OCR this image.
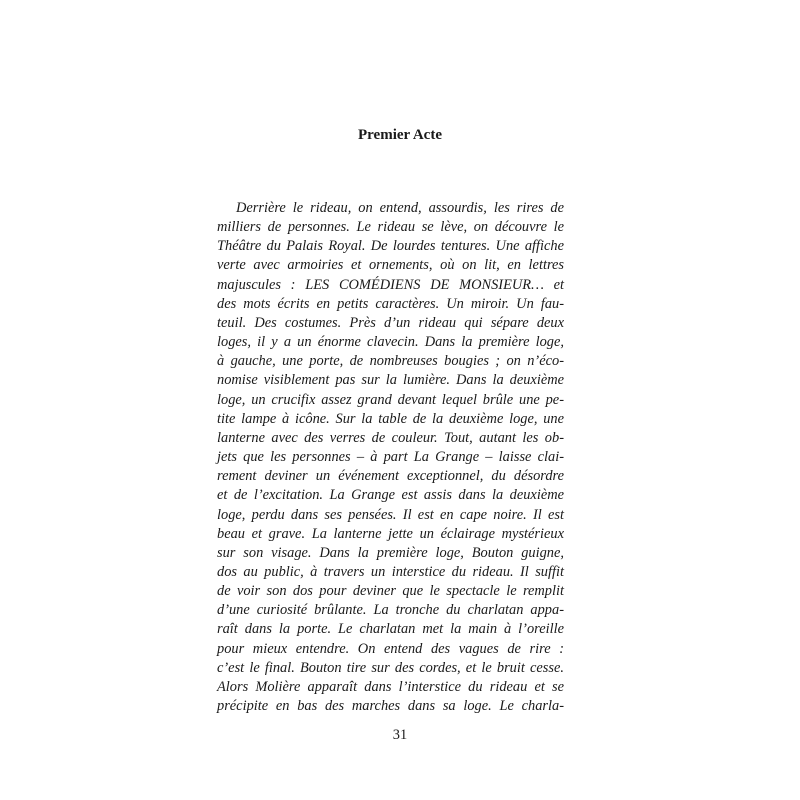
Premier Acte
Derrière le rideau, on entend, assourdis, les rires de
milliers de personnes. Le rideau se lève, on découvre le
Théâtre du Palais Royal. De lourdes tentures. Une affiche
verte avec armoiries et ornements, où on lit, en lettres
majuscules : LES COMÉDIENS DE MONSIEUR… et
des mots écrits en petits caractères. Un miroir. Un fau-
teuil. Des costumes. Près d’un rideau qui sépare deux
loges, il y a un énorme clavecin. Dans la première loge,
à gauche, une porte, de nombreuses bougies ; on n’éco-
nomise visiblement pas sur la lumière. Dans la deuxième
loge, un crucifix assez grand devant lequel brûle une pe-
tite lampe à icône. Sur la table de la deuxième loge, une
lanterne avec des verres de couleur. Tout, autant les ob-
jets que les personnes – à part La Grange – laisse clai-
rement deviner un événement exceptionnel, du désordre
et de l’excitation. La Grange est assis dans la deuxième
loge, perdu dans ses pensées. Il est en cape noire. Il est
beau et grave. La lanterne jette un éclairage mystérieux
sur son visage. Dans la première loge, Bouton guigne,
dos au public, à travers un interstice du rideau. Il suffit
de voir son dos pour deviner que le spectacle le remplit
d’une curiosité brûlante. La tronche du charlatan appa-
raît dans la porte. Le charlatan met la main à l’oreille
pour mieux entendre. On entend des vagues de rire :
c’est le final. Bouton tire sur des cordes, et le bruit cesse.
Alors Molière apparaît dans l’interstice du rideau et se
précipite en bas des marches dans sa loge. Le charla-
31
